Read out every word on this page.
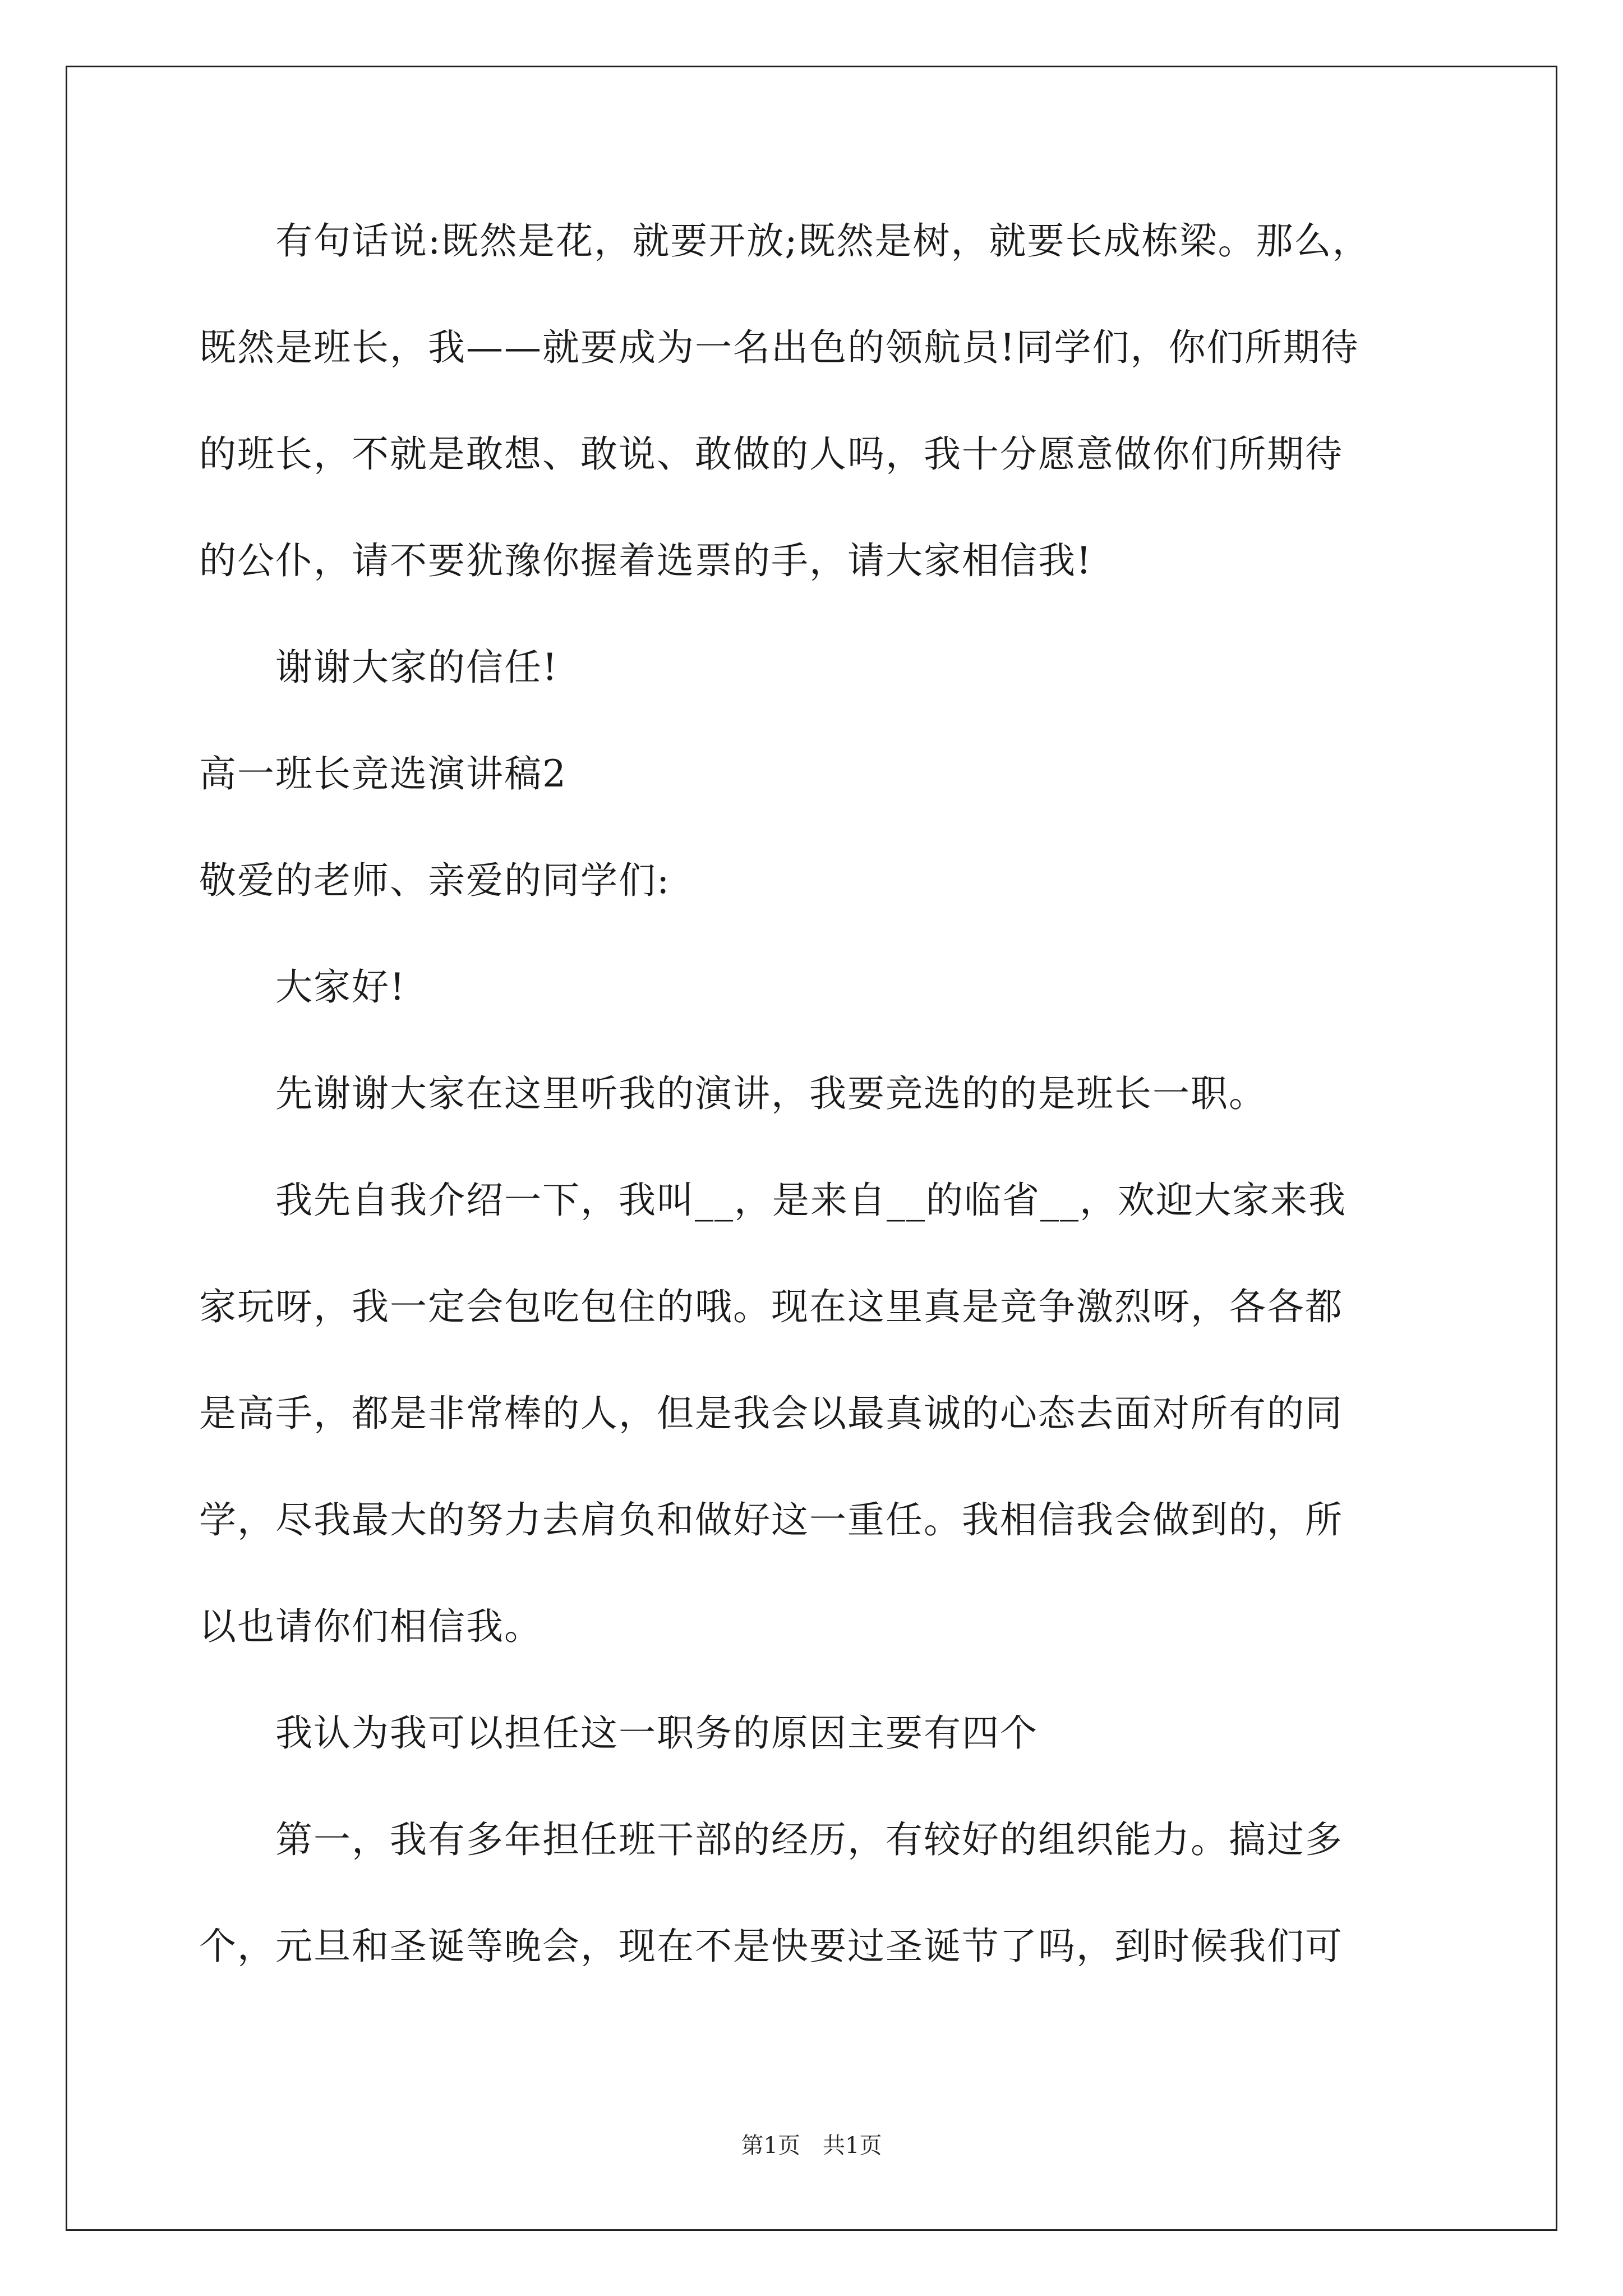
　　有句话说:既然是花，就要开放;既然是树，就要长成栋梁。那么，
既然是班长，我——就要成为一名出色的领航员!同学们，你们所期待
的班长，不就是敢想、敢说、敢做的人吗，我十分愿意做你们所期待
的公仆，请不要犹豫你握着选票的手，请大家相信我!
　　谢谢大家的信任!
高一班长竞选演讲稿2
敬爱的老师、亲爱的同学们:
　　大家好!
　　先谢谢大家在这里听我的演讲，我要竞选的的是班长一职。
　　我先自我介绍一下，我叫__，是来自__的临省__，欢迎大家来我
家玩呀，我一定会包吃包住的哦。现在这里真是竞争激烈呀，各各都
是高手，都是非常棒的人，但是我会以最真诚的心态去面对所有的同
学，尽我最大的努力去肩负和做好这一重任。我相信我会做到的，所
以也请你们相信我。
　　我认为我可以担任这一职务的原因主要有四个
　　第一，我有多年担任班干部的经历，有较好的组织能力。搞过多
个，元旦和圣诞等晚会，现在不是快要过圣诞节了吗，到时候我们可
第1页　共1页
